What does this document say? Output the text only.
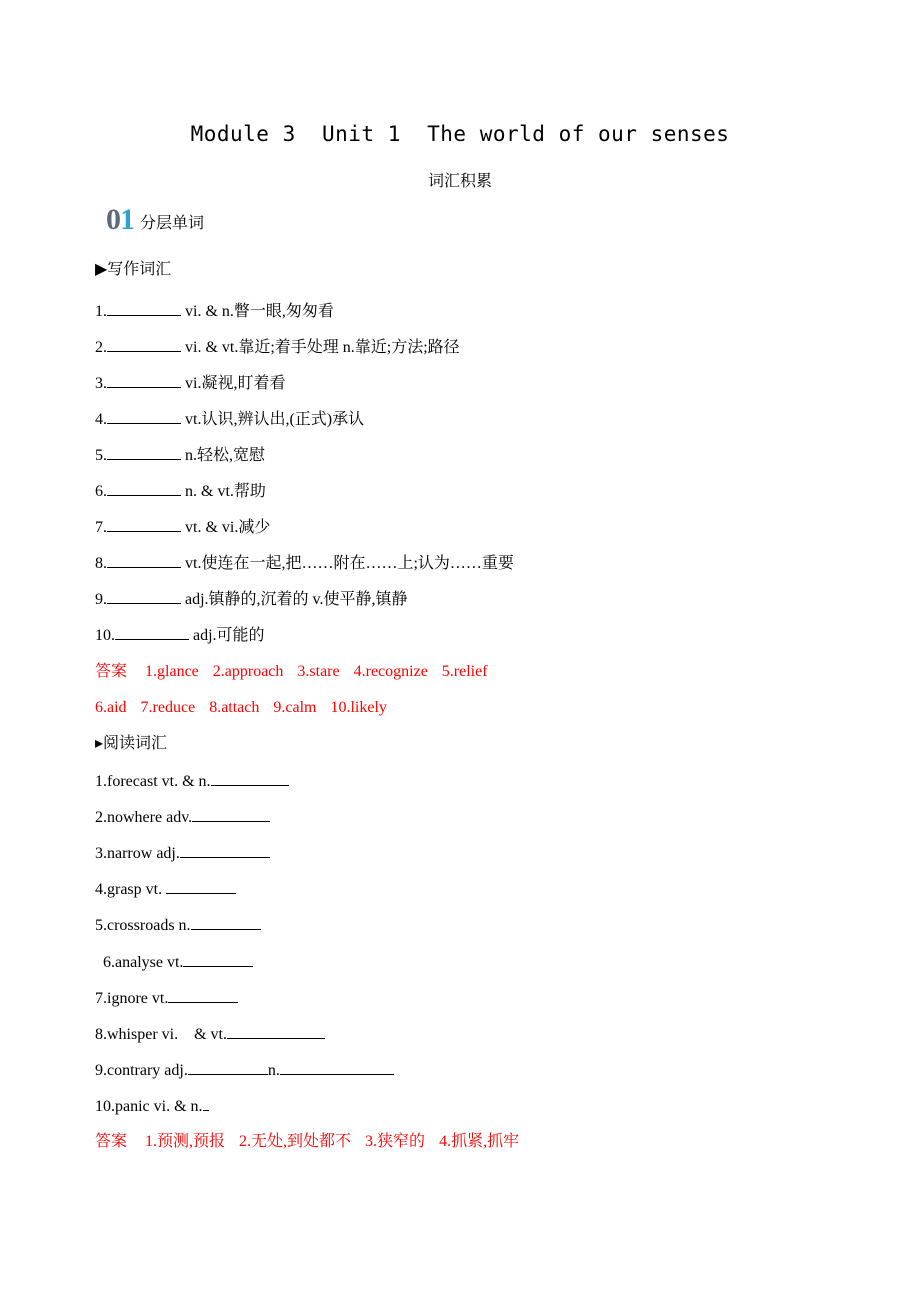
Module 3  Unit 1  The world of our senses
词汇积累
01 分层单词
▶写作词汇
1.	vi. & n.瞥一眼,匆匆看
2.	vi. & vt.靠近;着手处理 n.靠近;方法;路径
3.	vi.凝视,盯着看
4.	vt.认识,辨认出,(正式)承认
5.	n.轻松,宽慰
6.	n. & vt.帮助
7.	vt. & vi.减少
8.	vt.使连在一起,把……附在……上;认为……重要
9.	adj.镇静的,沉着的 v.使平静,镇静
10.	adj.可能的
答案 1.glance 2.approach 3.stare 4.recognize 5.relief
6.aid 7.reduce 8.attach 9.calm 10.likely
▸阅读词汇
1.forecast vt. & n.
2.nowhere adv.
3.narrow adj.
4.grasp vt.
5.crossroads n.
6.analyse vt.
7.ignore vt.
8.whisper vi.    & vt.
9.contrary adj.	n.
10.panic vi. & n.
答案 1.预测,预报 2.无处,到处都不 3.狭窄的 4.抓紧,抓牢
